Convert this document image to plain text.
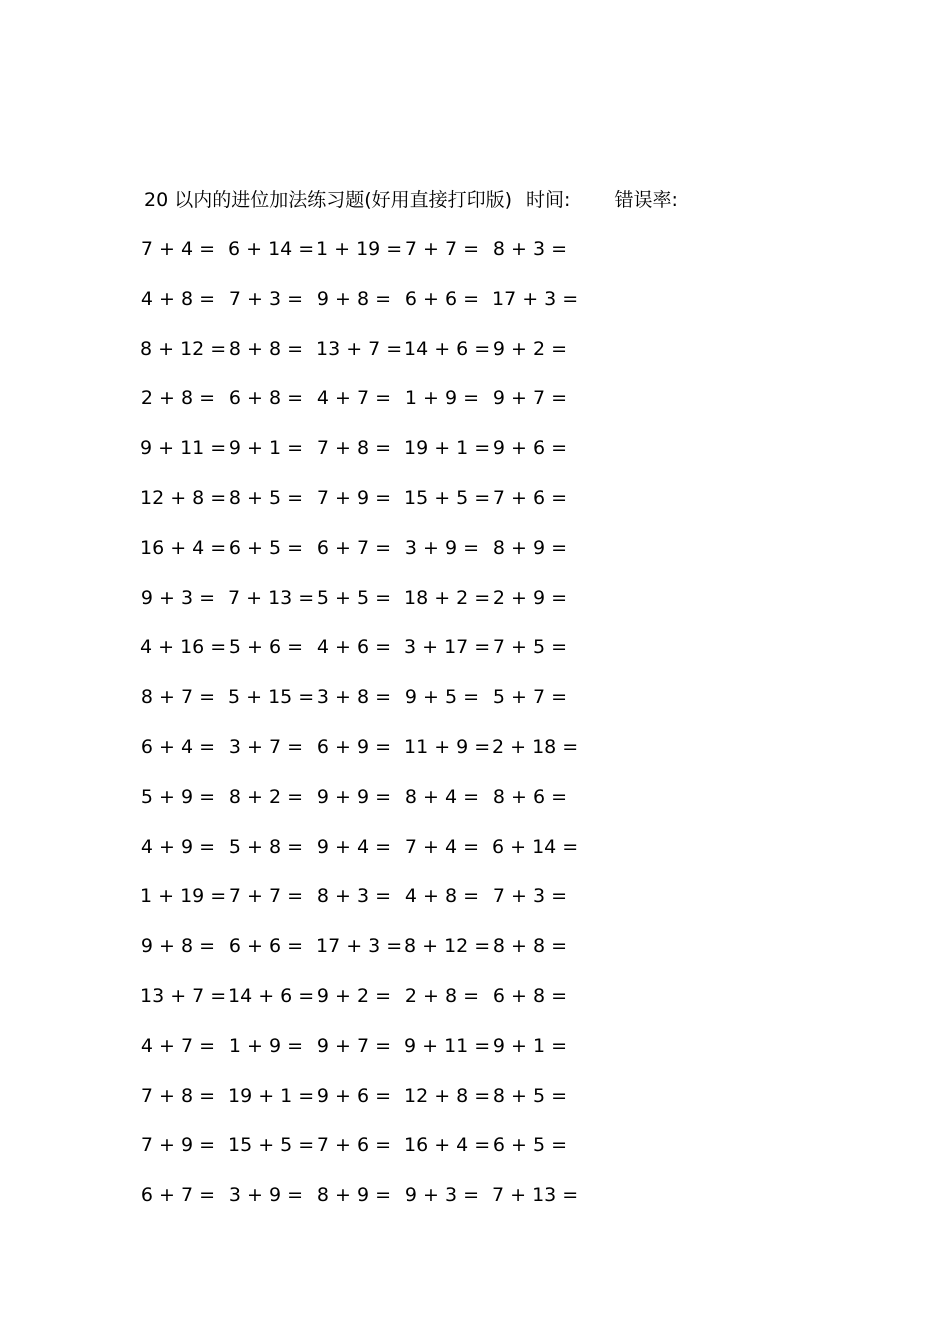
20 以内的进位加法练习题(好用直接打印版) 时间: 错误率:
7 + 4 = 6 + 14 = 1 + 19 = 7 + 7 = 8 + 3 =
4 + 8 = 7 + 3 = 9 + 8 = 6 + 6 = 17 + 3 =
8 + 12 = 8 + 8 = 13 + 7 = 14 + 6 = 9 + 2 =
2 + 8 = 6 + 8 = 4 + 7 = 1 + 9 = 9 + 7 =
9 + 11 = 9 + 1 = 7 + 8 = 19 + 1 = 9 + 6 =
12 + 8 = 8 + 5 = 7 + 9 = 15 + 5 = 7 + 6 =
16 + 4 = 6 + 5 = 6 + 7 = 3 + 9 = 8 + 9 =
9 + 3 = 7 + 13 = 5 + 5 = 18 + 2 = 2 + 9 =
4 + 16 = 5 + 6 = 4 + 6 = 3 + 17 = 7 + 5 =
8 + 7 = 5 + 15 = 3 + 8 = 9 + 5 = 5 + 7 =
6 + 4 = 3 + 7 = 6 + 9 = 11 + 9 = 2 + 18 =
5 + 9 = 8 + 2 = 9 + 9 = 8 + 4 = 8 + 6 =
4 + 9 = 5 + 8 = 9 + 4 = 7 + 4 = 6 + 14 =
1 + 19 = 7 + 7 = 8 + 3 = 4 + 8 = 7 + 3 =
9 + 8 = 6 + 6 = 17 + 3 = 8 + 12 = 8 + 8 =
13 + 7 = 14 + 6 = 9 + 2 = 2 + 8 = 6 + 8 =
4 + 7 = 1 + 9 = 9 + 7 = 9 + 11 = 9 + 1 =
7 + 8 = 19 + 1 = 9 + 6 = 12 + 8 = 8 + 5 =
7 + 9 = 15 + 5 = 7 + 6 = 16 + 4 = 6 + 5 =
6 + 7 = 3 + 9 = 8 + 9 = 9 + 3 = 7 + 13 =
